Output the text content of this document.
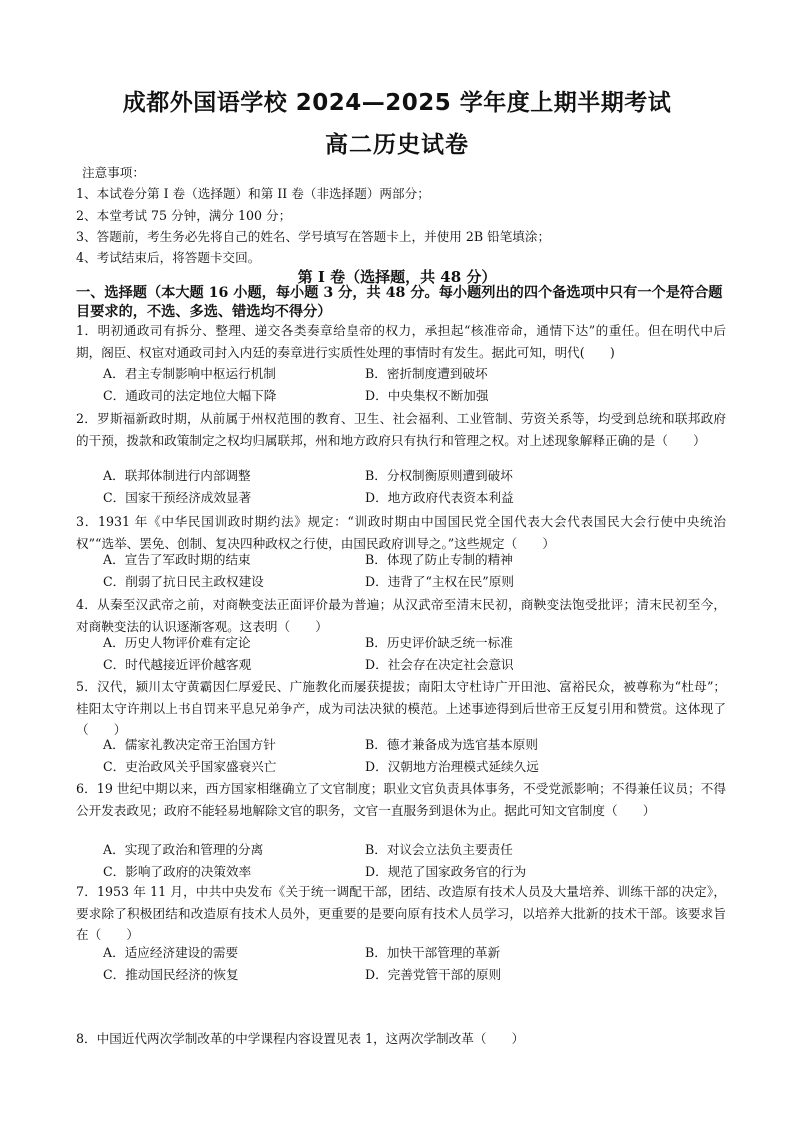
成都外国语学校 2024—2025 学年度上期半期考试
高二历史试卷
注意事项：
1、本试卷分第 I 卷（选择题）和第 II 卷（非选择题）两部分；
2、本堂考试 75 分钟，满分 100 分；
3、答题前，考生务必先将自己的姓名、学号填写在答题卡上，并使用 2B 铅笔填涂；
4、考试结束后，将答题卡交回。
第 I 卷（选择题，共 48 分）
一、选择题（本大题 16 小题，每小题 3 分，共 48 分。每小题列出的四个备选项中只有一个是符合题目要求的，不选、多选、错选均不得分）
1．明初通政司有拆分、整理、递交各类奏章给皇帝的权力，承担起“核准帝命，通情下达”的重任。但在明代中后期，阁臣、权宦对通政司封入内廷的奏章进行实质性处理的事情时有发生。据此可知，明代(　　)
A．君主专制影响中枢运行机制	B．密折制度遭到破坏
C．通政司的法定地位大幅下降	D．中央集权不断加强
2．罗斯福新政时期，从前属于州权范围的教育、卫生、社会福利、工业管制、劳资关系等，均受到总统和联邦政府的干预，拨款和政策制定之权均归属联邦，州和地方政府只有执行和管理之权。对上述现象解释正确的是（　　）
A．联邦体制进行内部调整	B．分权制衡原则遭到破坏
C．国家干预经济成效显著	D．地方政府代表资本利益
3．1931 年《中华民国训政时期约法》规定：“训政时期由中国国民党全国代表大会代表国民大会行使中央统治权”“选举、罢免、创制、复决四种政权之行使，由国民政府训导之。”这些规定（　　）
A．宣告了军政时期的结束	B．体现了防止专制的精神
C．削弱了抗日民主政权建设	D．违背了“主权在民”原则
4．从秦至汉武帝之前，对商鞅变法正面评价最为普遍；从汉武帝至清末民初，商鞅变法饱受批评；清末民初至今，对商鞅变法的认识逐渐客观。这表明（　　）
A．历史人物评价难有定论	B．历史评价缺乏统一标准
C．时代越接近评价越客观	D．社会存在决定社会意识
5．汉代，颍川太守黄霸因仁厚爱民、广施教化而屡获提拔；南阳太守杜诗广开田池、富裕民众，被尊称为“杜母”；桂阳太守许荆以上书自罚来平息兄弟争产，成为司法决狱的模范。上述事迹得到后世帝王反复引用和赞赏。这体现了（　　）
A．儒家礼教决定帝王治国方针	B．德才兼备成为选官基本原则
C．吏治政风关乎国家盛衰兴亡	D．汉朝地方治理模式延续久远
6．19 世纪中期以来，西方国家相继确立了文官制度；职业文官负责具体事务，不受党派影响；不得兼任议员；不得公开发表政见；政府不能轻易地解除文官的职务，文官一直服务到退休为止。据此可知文官制度（　　）
A．实现了政治和管理的分离	B．对议会立法负主要责任
C．影响了政府的决策效率	D．规范了国家政务官的行为
7．1953 年 11 月，中共中央发布《关于统一调配干部，团结、改造原有技术人员及大量培养、训练干部的决定》，要求除了积极团结和改造原有技术人员外，更重要的是要向原有技术人员学习，以培养大批新的技术干部。该要求旨在（　　）
A．适应经济建设的需要	B．加快干部管理的革新
C．推动国民经济的恢复	D．完善党管干部的原则
8．中国近代两次学制改革的中学课程内容设置见表 1，这两次学制改革（　　）
